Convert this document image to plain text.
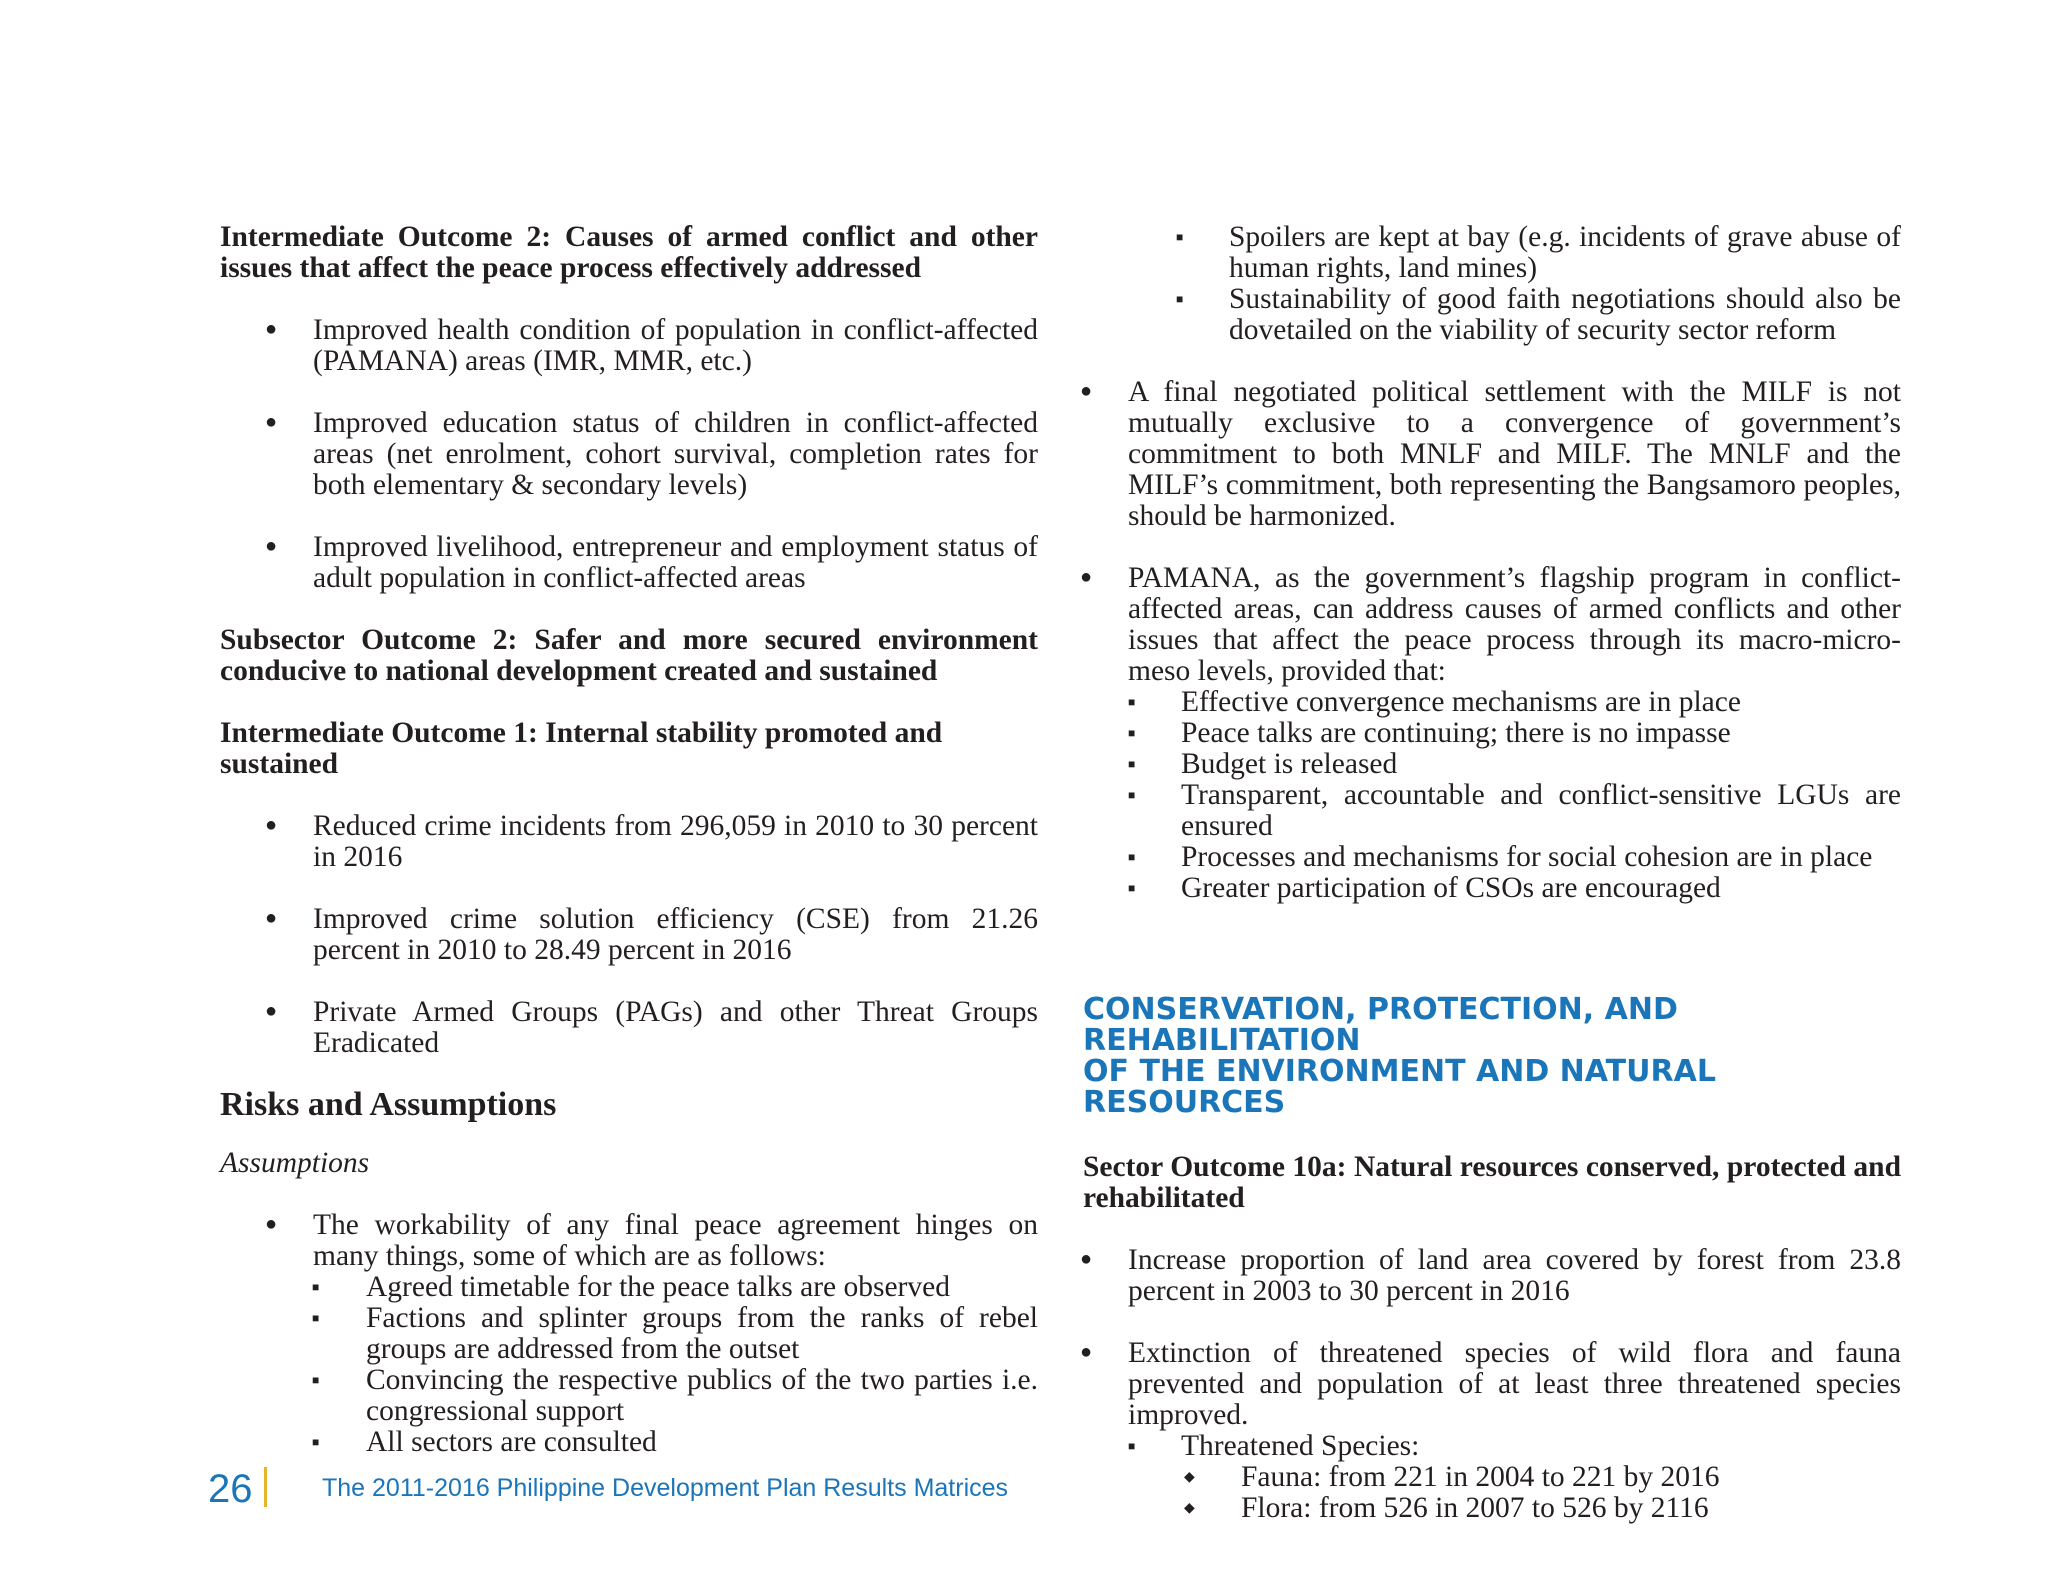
Intermediate Outcome 2: Causes of armed conflict and other issues that affect the peace process effectively addressed

● Improved health condition of population in conflict-affected (PAMANA) areas (IMR, MMR, etc.)
● Improved education status of children in conflict-affected areas (net enrolment, cohort survival, completion rates for both elementary & secondary levels)
● Improved livelihood, entrepreneur and employment status of adult population in conflict-affected areas

Subsector Outcome 2: Safer and more secured environment conducive to national development created and sustained

Intermediate Outcome 1: Internal stability promoted and sustained

● Reduced crime incidents from 296,059 in 2010 to 30 percent in 2016
● Improved crime solution efficiency (CSE) from 21.26 percent in 2010 to 28.49 percent in 2016
● Private Armed Groups (PAGs) and other Threat Groups Eradicated

Risks and Assumptions

Assumptions

● The workability of any final peace agreement hinges on many things, some of which are as follows:
■ Agreed timetable for the peace talks are observed
■ Factions and splinter groups from the ranks of rebel groups are addressed from the outset
■ Convincing the respective publics of the two parties i.e. congressional support
■ All sectors are consulted
■ Spoilers are kept at bay (e.g. incidents of grave abuse of human rights, land mines)
■ Sustainability of good faith negotiations should also be dovetailed on the viability of security sector reform
● A final negotiated political settlement with the MILF is not mutually exclusive to a convergence of government’s commitment to both MNLF and MILF. The MNLF and the MILF’s commitment, both representing the Bangsamoro peoples, should be harmonized.
● PAMANA, as the government’s flagship program in conflict-affected areas, can address causes of armed conflicts and other issues that affect the peace process through its macro-micro-meso levels, provided that:
■ Effective convergence mechanisms are in place
■ Peace talks are continuing; there is no impasse
■ Budget is released
■ Transparent, accountable and conflict-sensitive LGUs are ensured
■ Processes and mechanisms for social cohesion are in place
■ Greater participation of CSOs are encouraged

CONSERVATION, PROTECTION, AND REHABILITATION
OF THE ENVIRONMENT AND NATURAL RESOURCES

Sector Outcome 10a: Natural resources conserved, protected and rehabilitated

● Increase proportion of land area covered by forest from 23.8 percent in 2003 to 30 percent in 2016
● Extinction of threatened species of wild flora and fauna prevented and population of at least three threatened species improved.
■ Threatened Species:
◆ Fauna: from 221 in 2004 to 221 by 2016
◆ Flora: from 526 in 2007 to 526 by 2116
26	The 2011-2016 Philippine Development Plan Results Matrices
